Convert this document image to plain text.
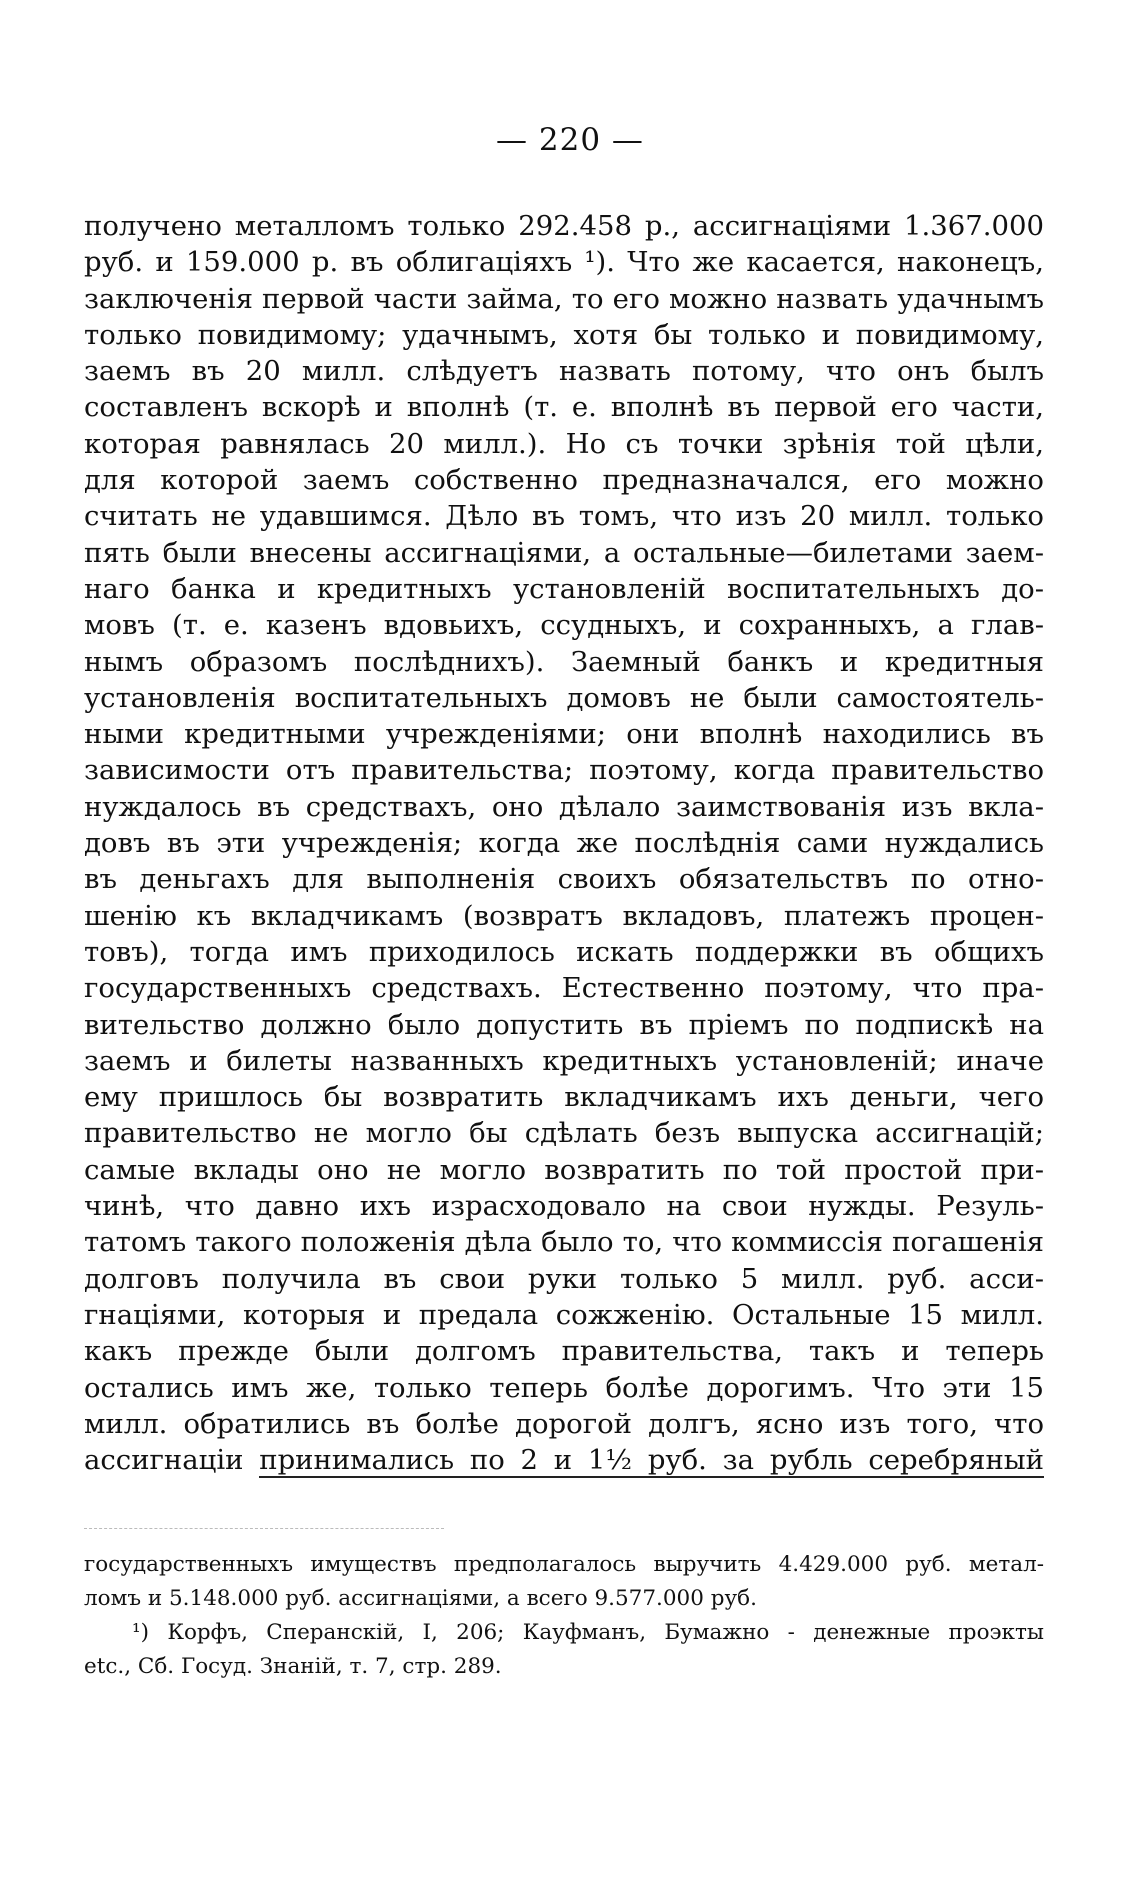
— 220 —
получено металломъ только 292.458 р., ассигнаціями 1.367.000
руб. и 159.000 р. въ облигаціяхъ ¹). Что же касается, наконецъ,
заключенія первой части займа, то его можно назвать удачнымъ
только повидимому; удачнымъ, хотя бы только и повидимому,
заемъ въ 20 милл. слѣдуетъ назвать потому, что онъ былъ
составленъ вскорѣ и вполнѣ (т. е. вполнѣ въ первой его части,
которая равнялась 20 милл.). Но съ точки зрѣнія той цѣли,
для которой заемъ собственно предназначался, его можно
считать не удавшимся. Дѣло въ томъ, что изъ 20 милл. только
пять были внесены ассигнаціями, а остальные—билетами заем-
наго банка и кредитныхъ установленій воспитательныхъ до-
мовъ (т. е. казенъ вдовьихъ, ссудныхъ, и сохранныхъ, а глав-
нымъ образомъ послѣднихъ). Заемный банкъ и кредитныя
установленія воспитательныхъ домовъ не были самостоятель-
ными кредитными учрежденіями; они вполнѣ находились въ
зависимости отъ правительства; поэтому, когда правительство
нуждалось въ средствахъ, оно дѣлало заимствованія изъ вкла-
довъ въ эти учрежденія; когда же послѣднія сами нуждались
въ деньгахъ для выполненія своихъ обязательствъ по отно-
шенію къ вкладчикамъ (возвратъ вкладовъ, платежъ процен-
товъ), тогда имъ приходилось искать поддержки въ общихъ
государственныхъ средствахъ. Естественно поэтому, что пра-
вительство должно было допустить въ пріемъ по подпискѣ на
заемъ и билеты названныхъ кредитныхъ установленій; иначе
ему пришлось бы возвратить вкладчикамъ ихъ деньги, чего
правительство не могло бы сдѣлать безъ выпуска ассигнацій;
самые вклады оно не могло возвратить по той простой при-
чинѣ, что давно ихъ израсходовало на свои нужды. Резуль-
татомъ такого положенія дѣла было то, что коммиссія погашенія
долговъ получила въ свои руки только 5 милл. руб. асси-
гнаціями, которыя и предала сожженію. Остальные 15 милл.
какъ прежде были долгомъ правительства, такъ и теперь
остались имъ же, только теперь болѣе дорогимъ. Что эти 15
милл. обратились въ болѣе дорогой долгъ, ясно изъ того, что
ассигнаціи принимались по 2 и 1½ руб. за рубль серебряный
государственныхъ имуществъ предполагалось выручить 4.429.000 руб. метал-
ломъ и 5.148.000 руб. ассигнаціями, а всего 9.577.000 руб.
¹) Корфъ, Сперанскій, I, 206; Кауфманъ, Бумажно - денежные проэкты
etc., Сб. Госуд. Знаній, т. 7, стр. 289.
